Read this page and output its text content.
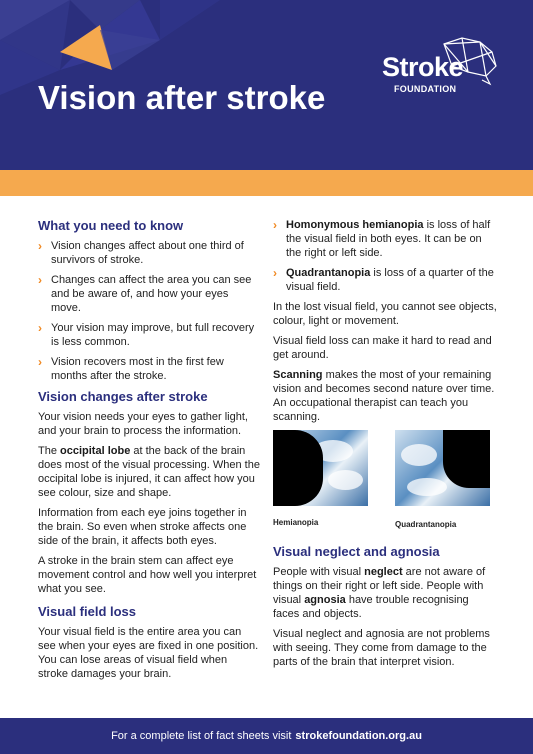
Vision after stroke
Stroke
FOUNDATION
What you need to know
› Vision changes affect about one third of survivors of stroke.
› Changes can affect the area you can see and be aware of, and how your eyes move.
› Your vision may improve, but full recovery is less common.
› Vision recovers most in the first few months after the stroke.
Vision changes after stroke

Your vision needs your eyes to gather light, and your brain to process the information.

The occipital lobe at the back of the brain does most of the visual processing. When the occipital lobe is injured, it can affect how you see colour, size and shape.

Information from each eye joins together in the brain. So even when stroke affects one side of the brain, it affects both eyes.

A stroke in the brain stem can affect eye movement control and how well you interpret what you see.

Visual field loss

Your visual field is the entire area you can see when your eyes are fixed in one position. You can lose areas of visual field when stroke damages your brain.

› Homonymous hemianopia is loss of half the visual field in both eyes. It can be on the right or left side.
› Quadrantanopia is loss of a quarter of the visual field.

In the lost visual field, you cannot see objects, colour, light or movement.

Visual field loss can make it hard to read and get around.

Scanning makes the most of your remaining vision and becomes second nature over time. An occupational therapist can teach you scanning.

Hemianopia	Quadrantanopia
Visual neglect and agnosia

People with visual neglect are not aware of things on their right or left side. People with visual agnosia have trouble recognising faces and objects.

Visual neglect and agnosia are not problems with seeing. They come from damage to the parts of the brain that interpret vision.

For a complete list of fact sheets visit strokefoundation.org.au
